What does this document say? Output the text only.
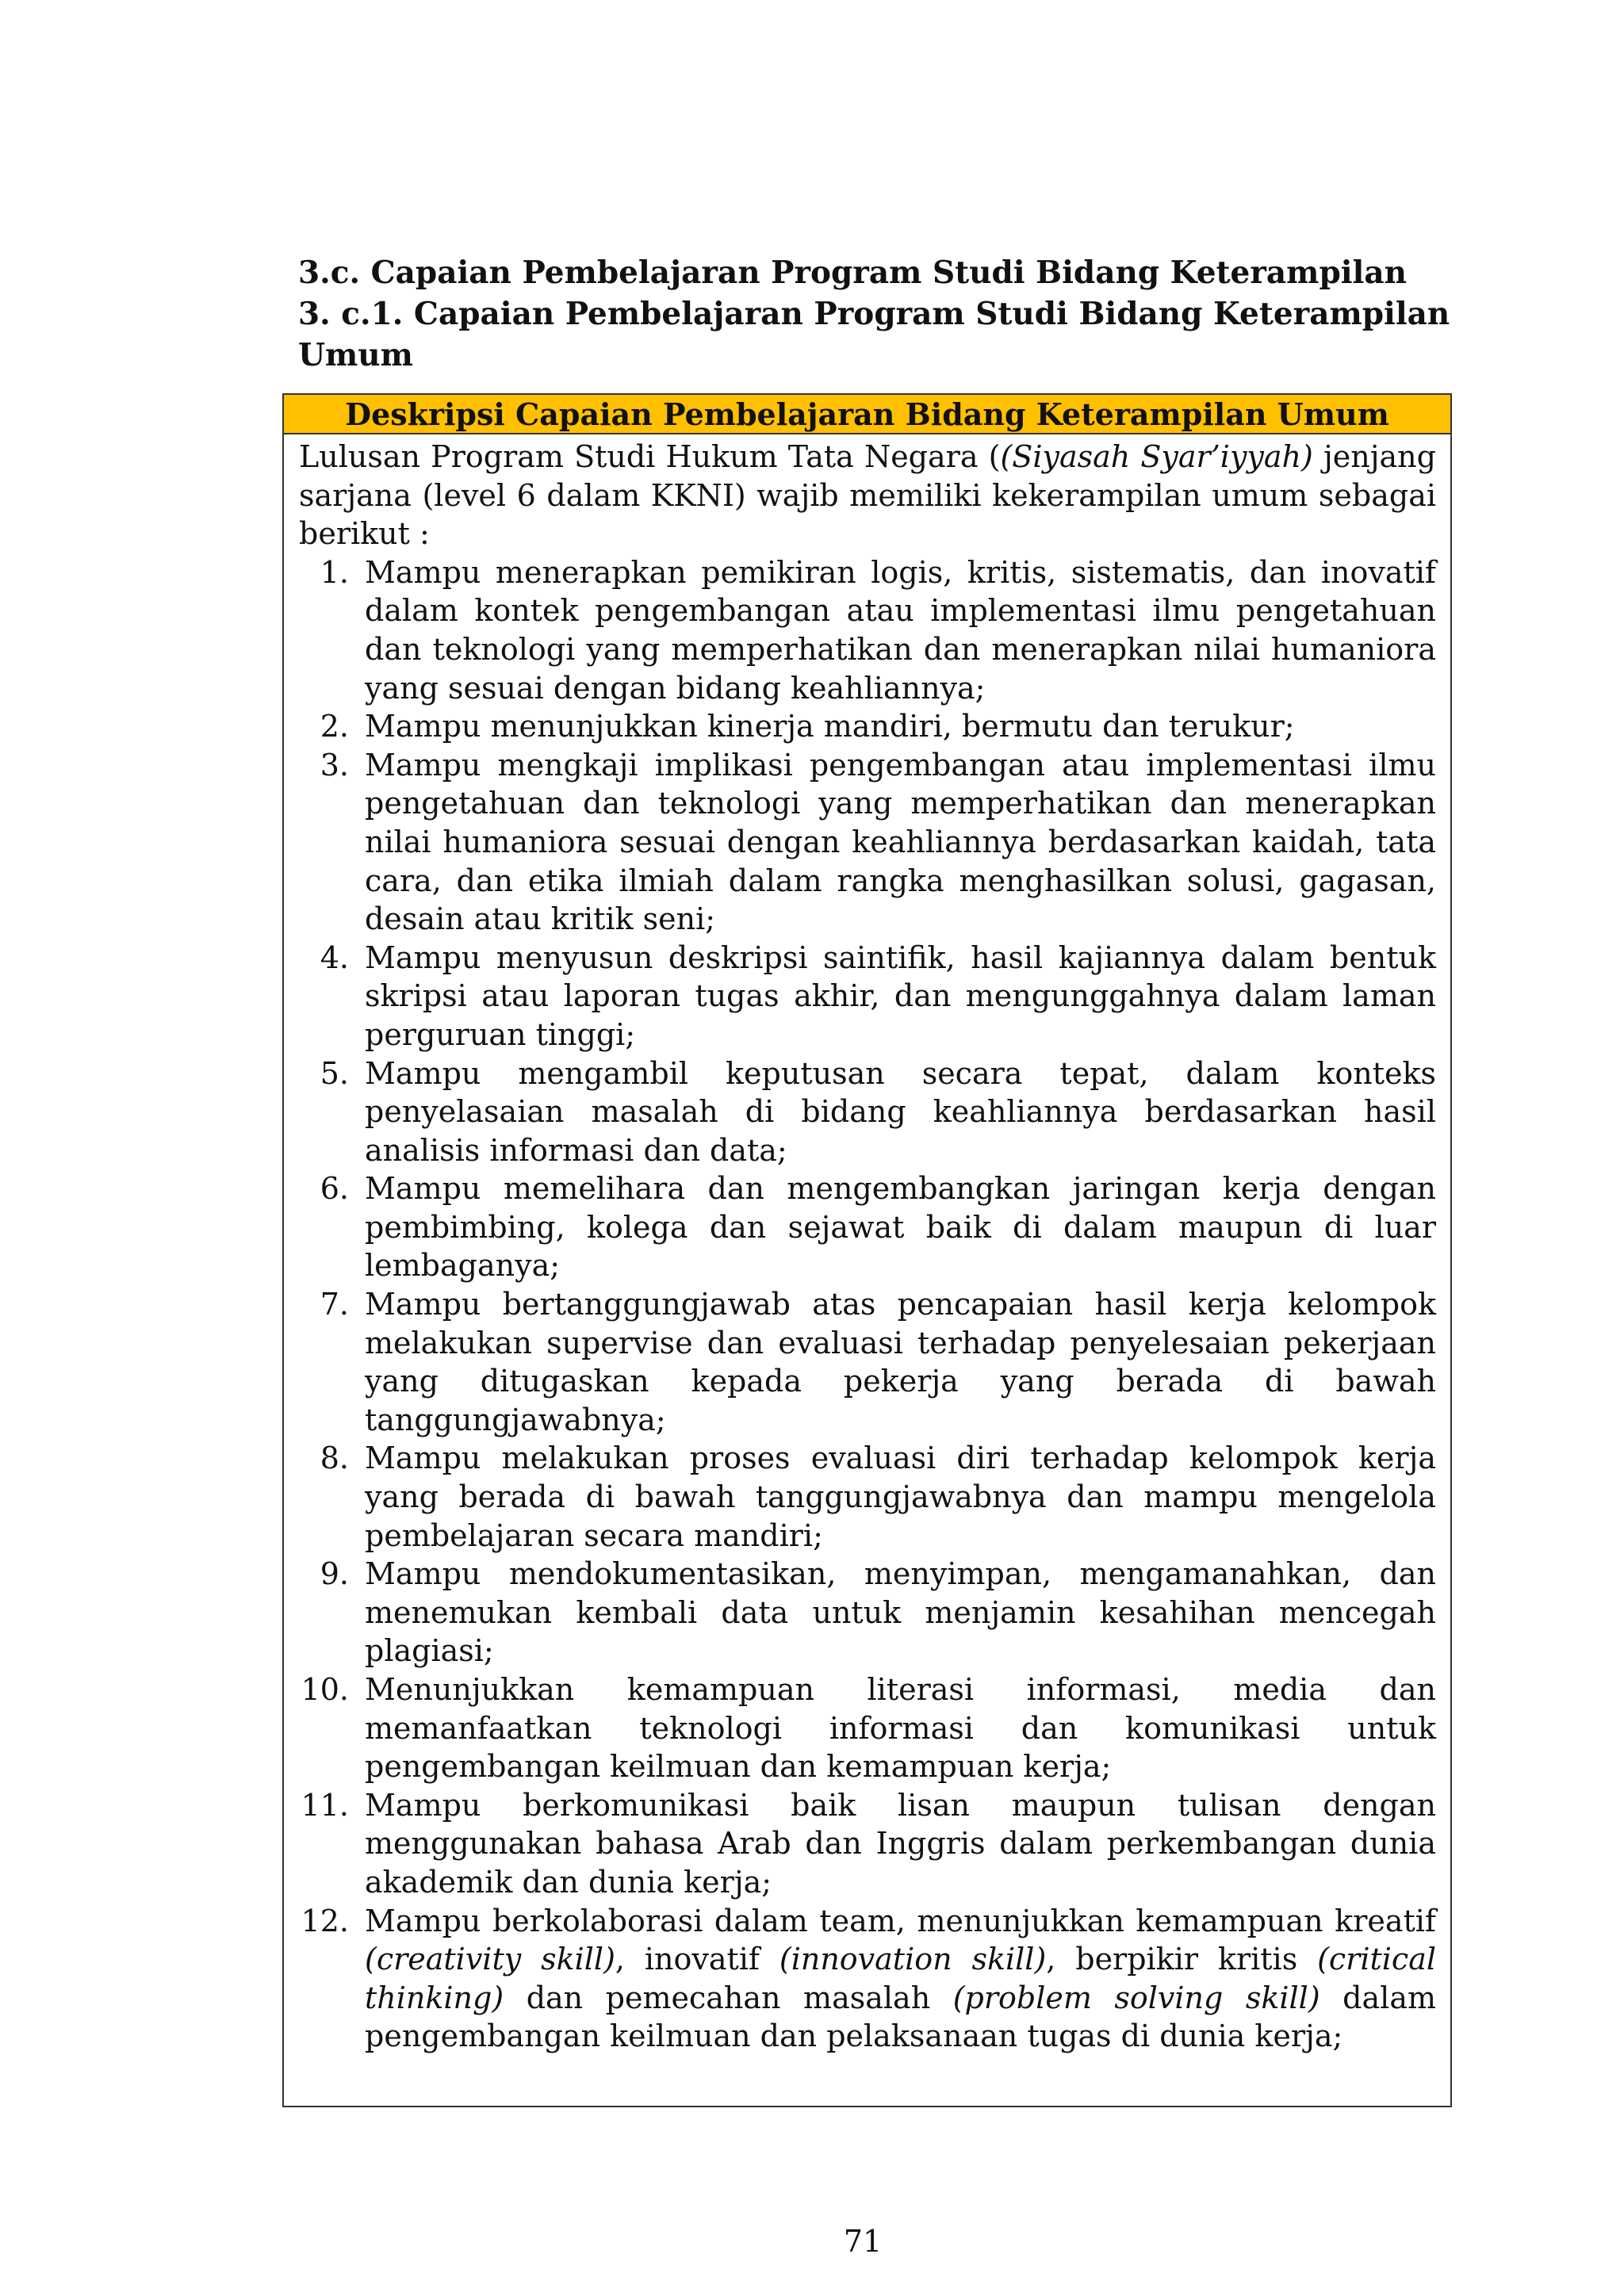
3.c. Capaian Pembelajaran Program Studi Bidang Keterampilan

3. c.1. Capaian Pembelajaran Program Studi Bidang Keterampilan

Umum

Deskripsi Capaian Pembelajaran Bidang Keterampilan Umum

Lulusan Program Studi Hukum Tata Negara ((Siyasah Syar’iyyah) jenjang sarjana (level 6 dalam KKNI) wajib memiliki kekerampilan umum sebagai berikut :

1. Mampu menerapkan pemikiran logis, kritis, sistematis, dan inovatif dalam kontek pengembangan atau implementasi ilmu pengetahuan dan teknologi yang memperhatikan dan menerapkan nilai humaniora yang sesuai dengan bidang keahliannya;
2. Mampu menunjukkan kinerja mandiri, bermutu dan terukur;
3. Mampu mengkaji implikasi pengembangan atau implementasi ilmu pengetahuan dan teknologi yang memperhatikan dan menerapkan nilai humaniora sesuai dengan keahliannya berdasarkan kaidah, tata cara, dan etika ilmiah dalam rangka menghasilkan solusi, gagasan, desain atau kritik seni;
4. Mampu menyusun deskripsi saintifik, hasil kajiannya dalam bentuk skripsi atau laporan tugas akhir, dan mengunggahnya dalam laman perguruan tinggi;
5. Mampu mengambil keputusan secara tepat, dalam konteks penyelasaian masalah di bidang keahliannya berdasarkan hasil analisis informasi dan data;
6. Mampu memelihara dan mengembangkan jaringan kerja dengan pembimbing, kolega dan sejawat baik di dalam maupun di luar lembaganya;
7. Mampu bertanggungjawab atas pencapaian hasil kerja kelompok melakukan supervise dan evaluasi terhadap penyelesaian pekerjaan yang ditugaskan kepada pekerja yang berada di bawah tanggungjawabnya;
8. Mampu melakukan proses evaluasi diri terhadap kelompok kerja yang berada di bawah tanggungjawabnya dan mampu mengelola pembelajaran secara mandiri;
9. Mampu mendokumentasikan, menyimpan, mengamanahkan, dan menemukan kembali data untuk menjamin kesahihan mencegah plagiasi;
10. Menunjukkan kemampuan literasi informasi, media dan memanfaatkan teknologi informasi dan komunikasi untuk pengembangan keilmuan dan kemampuan kerja;
11. Mampu berkomunikasi baik lisan maupun tulisan dengan menggunakan bahasa Arab dan Inggris dalam perkembangan dunia akademik dan dunia kerja;
12. Mampu berkolaborasi dalam team, menunjukkan kemampuan kreatif (creativity skill), inovatif (innovation skill), berpikir kritis (critical thinking) dan pemecahan masalah (problem solving skill) dalam pengembangan keilmuan dan pelaksanaan tugas di dunia kerja;
71
